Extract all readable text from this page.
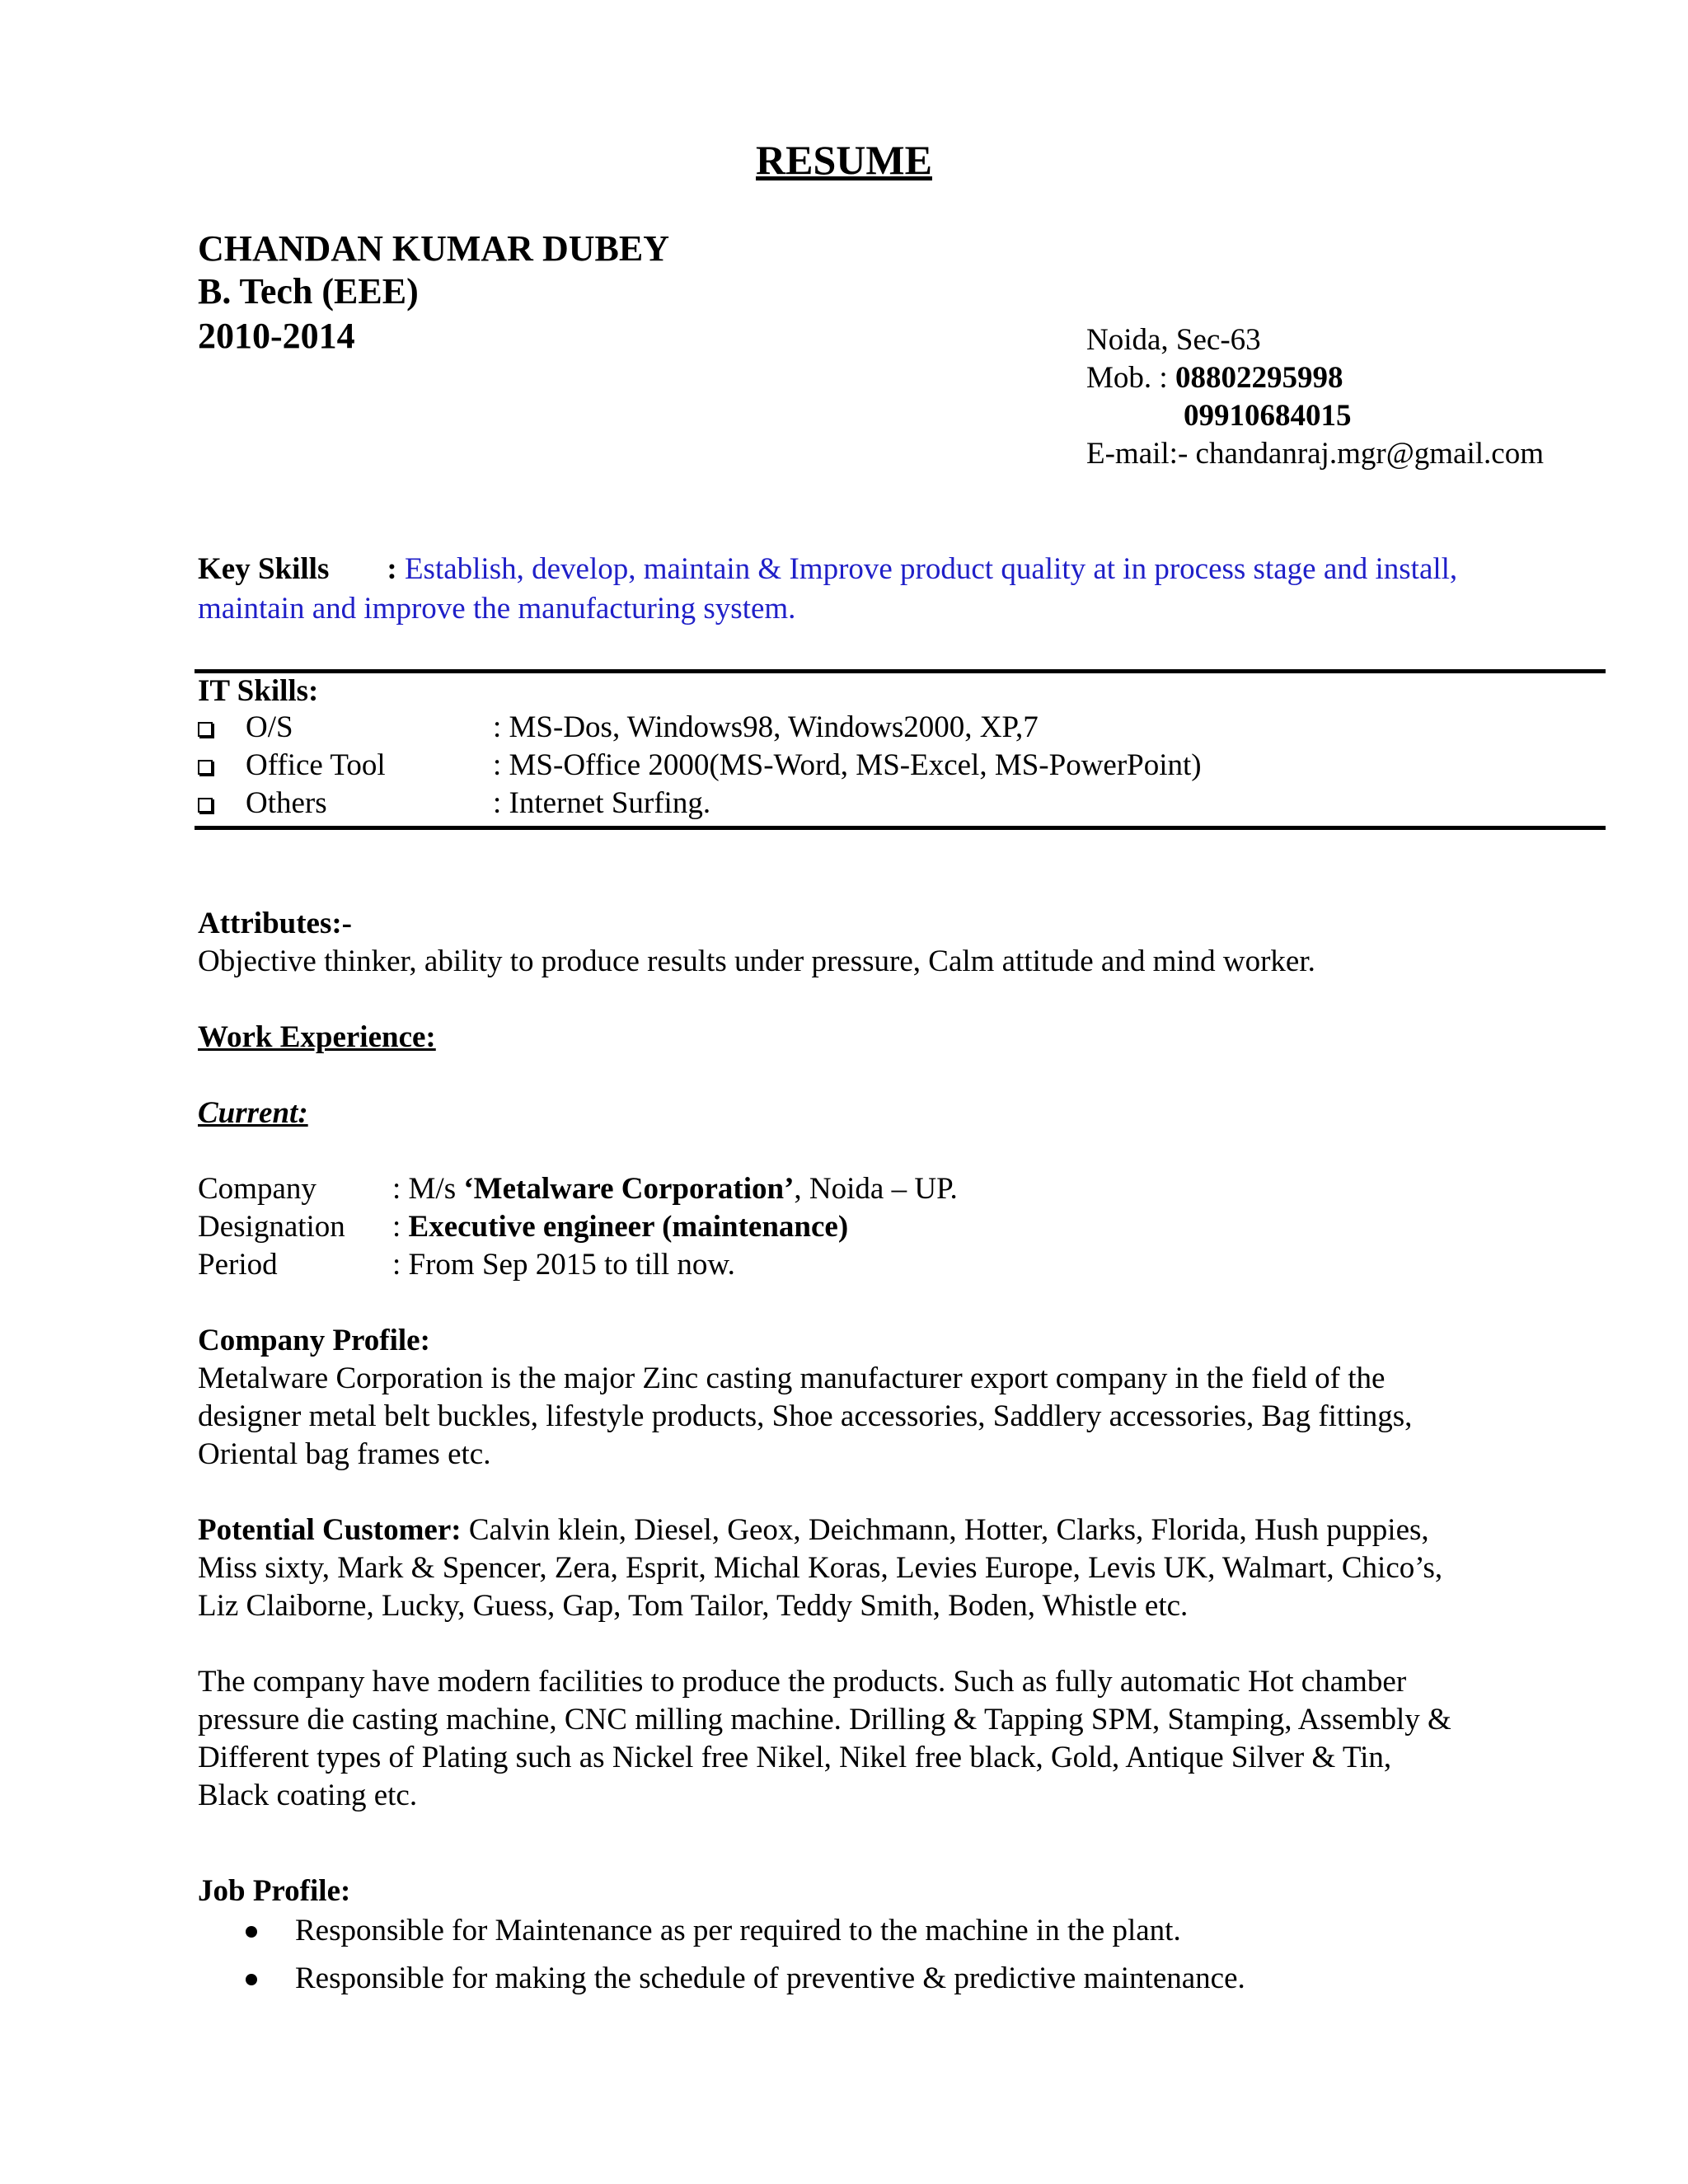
RESUME
CHANDAN KUMAR DUBEY
B. Tech (EEE)
2010-2014	Noida, Sec-63
Mob. : 08802295998
09910684015
E-mail:- chandanraj.mgr@gmail.com
Key Skills : Establish, develop, maintain & Improve product quality at in process stage and install,
maintain and improve the manufacturing system.
IT Skills:
O/S	: MS-Dos, Windows98, Windows2000, XP,7
Office Tool	: MS-Office 2000(MS-Word, MS-Excel, MS-PowerPoint)
Others	: Internet Surfing.
Attributes:-
Objective thinker, ability to produce results under pressure, Calm attitude and mind worker.
Work Experience:
Current:
Company : M/s ‘Metalware Corporation’, Noida – UP.
Designation : Executive engineer (maintenance)
Period	: From Sep 2015 to till now.
Company Profile:
Metalware Corporation is the major Zinc casting manufacturer export company in the field of the
designer metal belt buckles, lifestyle products, Shoe accessories, Saddlery accessories, Bag fittings,
Oriental bag frames etc.
Potential Customer: Calvin klein, Diesel, Geox, Deichmann, Hotter, Clarks, Florida, Hush puppies,
Miss sixty, Mark & Spencer, Zera, Esprit, Michal Koras, Levies Europe, Levis UK, Walmart, Chico’s,
Liz Claiborne, Lucky, Guess, Gap, Tom Tailor, Teddy Smith, Boden, Whistle etc.
The company have modern facilities to produce the products. Such as fully automatic Hot chamber
pressure die casting machine, CNC milling machine. Drilling & Tapping SPM, Stamping, Assembly &
Different types of Plating such as Nickel free Nikel, Nikel free black, Gold, Antique Silver & Tin,
Black coating etc.
Job Profile:
Responsible for Maintenance as per required to the machine in the plant.
Responsible for making the schedule of preventive & predictive maintenance.
